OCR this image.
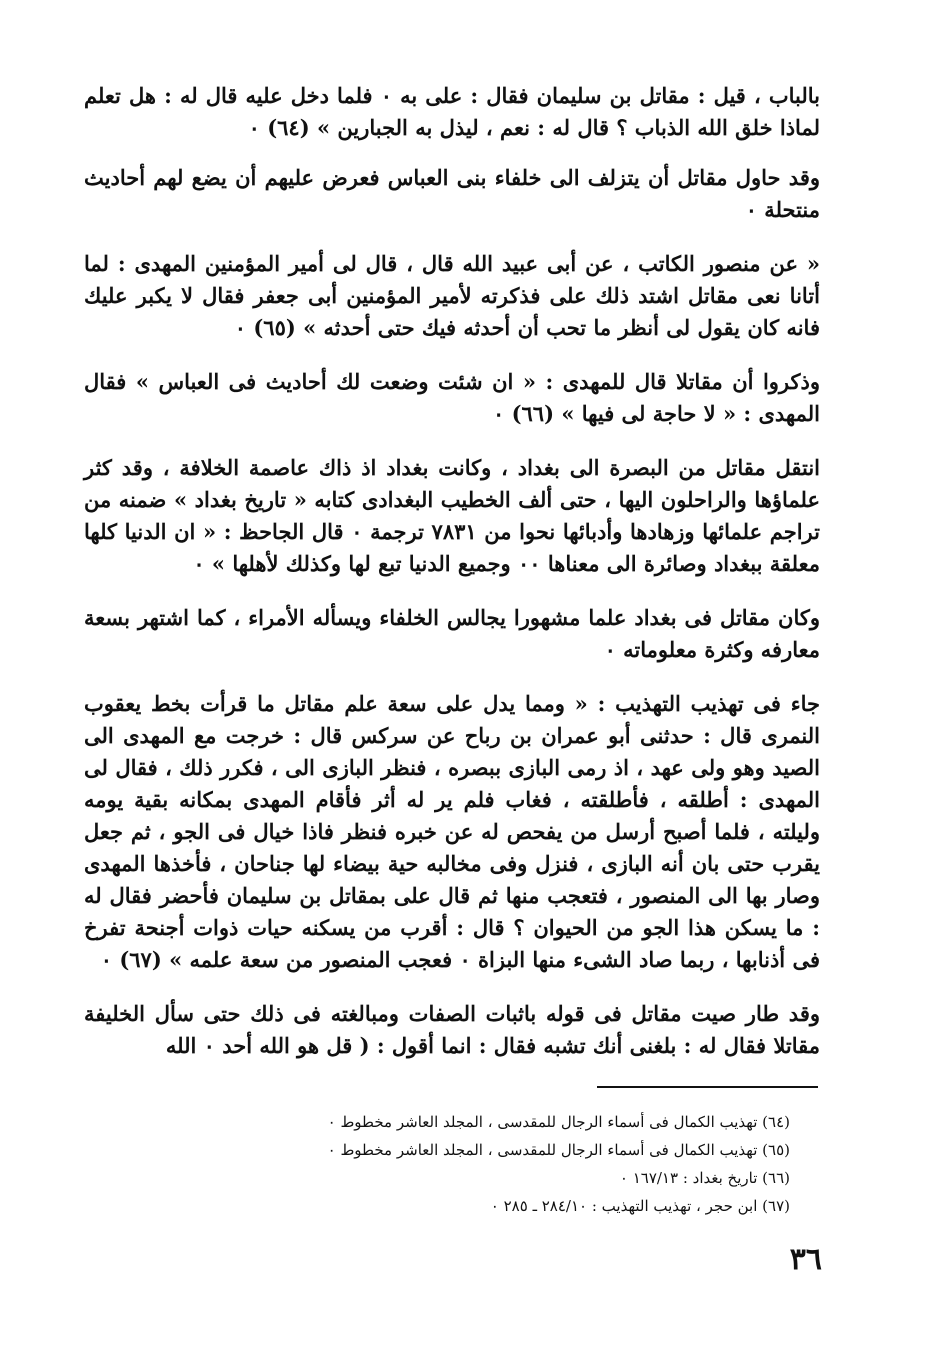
بالباب ، قيل : مقاتل بن سليمان فقال : على به ٠ فلما دخل عليه قال له : هل تعلم لماذا خلق الله الذباب ؟ قال له : نعم ، ليذل به الجبارين » (٦٤) ٠

وقد حاول مقاتل أن يتزلف الى خلفاء بنى العباس فعرض عليهم أن يضع لهم أحاديث منتحلة ٠

« عن منصور الكاتب ، عن أبى عبيد الله قال ، قال لى أمير المؤمنين المهدى : لما أتانا نعى مقاتل اشتد ذلك على فذكرته لأمير المؤمنين أبى جعفر فقال لا يكبر عليك فانه كان يقول لى أنظر ما تحب أن أحدثه فيك حتى أحدثه » (٦٥) ٠

وذكروا أن مقاتلا قال للمهدى : « ان شئت وضعت لك أحاديث فى العباس » فقال المهدى : « لا حاجة لى فيها » (٦٦) ٠

انتقل مقاتل من البصرة الى بغداد ، وكانت بغداد اذ ذاك عاصمة الخلافة ، وقد كثر علماؤها والراحلون اليها ، حتى ألف الخطيب البغدادى كتابه « تاريخ بغداد » ضمنه من تراجم علمائها وزهادها وأدبائها نحوا من ٧٨٣١ ترجمة ٠ قال الجاحظ : « ان الدنيا كلها معلقة ببغداد وصائرة الى معناها ٠٠ وجميع الدنيا تبع لها وكذلك لأهلها » ٠

وكان مقاتل فى بغداد علما مشهورا يجالس الخلفاء ويسأله الأمراء ، كما اشتهر بسعة معارفه وكثرة معلوماته ٠

جاء فى تهذيب التهذيب : « ومما يدل على سعة علم مقاتل ما قرأت بخط يعقوب النمرى قال : حدثنى أبو عمران بن رباح عن سركس قال : خرجت مع المهدى الى الصيد وهو ولى عهد ، اذ رمى البازى ببصره ، فنظر البازى الى ، فكرر ذلك ، فقال لى المهدى : أطلقه ، فأطلقته ، فغاب فلم ير له أثر فأقام المهدى بمكانه بقية يومه وليلته ، فلما أصبح أرسل من يفحص له عن خبره فنظر فاذا خيال فى الجو ، ثم جعل يقرب حتى بان أنه البازى ، فنزل وفى مخالبه حية بيضاء لها جناحان ، فأخذها المهدى وصار بها الى المنصور ، فتعجب منها ثم قال على بمقاتل بن سليمان فأحضر فقال له : ما يسكن هذا الجو من الحيوان ؟ قال : أقرب من يسكنه حيات ذوات أجنحة تفرخ فى أذنابها ، ربما صاد الشىء منها البزاة ٠ فعجب المنصور من سعة علمه » (٦٧) ٠

وقد طار صيت مقاتل فى قوله باثبات الصفات ومبالغته فى ذلك حتى سأل الخليفة مقاتلا فقال له : بلغنى أنك تشبه فقال : انما أقول : ( قل هو الله أحد ٠ الله

(٦٤) تهذيب الكمال فى أسماء الرجال للمقدسى ، المجلد العاشر مخطوط ٠

(٦٥) تهذيب الكمال فى أسماء الرجال للمقدسى ، المجلد العاشر مخطوط ٠

(٦٦) تاريخ بغداد : ١٦٧/١٣ ٠

(٦٧) ابن حجر ، تهذيب التهذيب : ٢٨٤/١٠ ـ ٢٨٥ ٠

٣٦
